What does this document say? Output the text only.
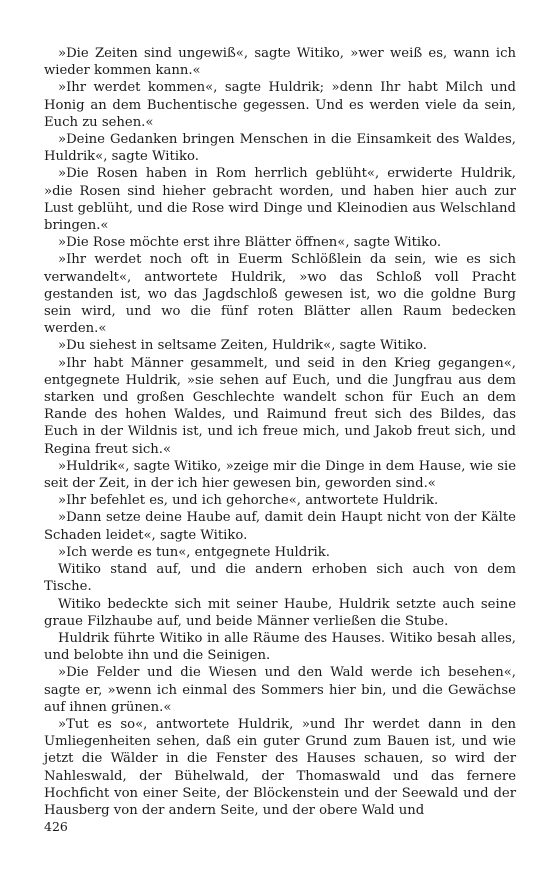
»Die Zeiten sind ungewiß«, sagte Witiko, »wer weiß es, wann ich wieder kommen kann.«

»Ihr werdet kommen«, sagte Huldrik; »denn Ihr habt Milch und Honig an dem Buchentische gegessen. Und es werden viele da sein, Euch zu sehen.«

»Deine Gedanken bringen Menschen in die Einsamkeit des Waldes, Huldrik«, sagte Witiko.

»Die Rosen haben in Rom herrlich geblüht«, erwiderte Huldrik, »die Rosen sind hieher gebracht worden, und haben hier auch zur Lust geblüht, und die Rose wird Dinge und Kleinodien aus Welschland bringen.«

»Die Rose möchte erst ihre Blätter öffnen«, sagte Witiko.

»Ihr werdet noch oft in Euerm Schlößlein da sein, wie es sich verwandelt«, antwortete Huldrik, »wo das Schloß voll Pracht gestanden ist, wo das Jagdschloß gewesen ist, wo die goldne Burg sein wird, und wo die fünf roten Blätter allen Raum bedecken werden.«

»Du siehest in seltsame Zeiten, Huldrik«, sagte Witiko.

»Ihr habt Männer gesammelt, und seid in den Krieg gegangen«, entgegnete Huldrik, »sie sehen auf Euch, und die Jungfrau aus dem starken und großen Geschlechte wandelt schon für Euch an dem Rande des hohen Waldes, und Raimund freut sich des Bildes, das Euch in der Wildnis ist, und ich freue mich, und Jakob freut sich, und Regina freut sich.«

»Huldrik«, sagte Witiko, »zeige mir die Dinge in dem Hause, wie sie seit der Zeit, in der ich hier gewesen bin, geworden sind.«

»Ihr befehlet es, und ich gehorche«, antwortete Huldrik.

»Dann setze deine Haube auf, damit dein Haupt nicht von der Kälte Schaden leidet«, sagte Witiko.

»Ich werde es tun«, entgegnete Huldrik.

Witiko stand auf, und die andern erhoben sich auch von dem Tische.

Witiko bedeckte sich mit seiner Haube, Huldrik setzte auch seine graue Filzhaube auf, und beide Männer verließen die Stube.

Huldrik führte Witiko in alle Räume des Hauses. Witiko besah alles, und belobte ihn und die Seinigen.

»Die Felder und die Wiesen und den Wald werde ich besehen«, sagte er, »wenn ich einmal des Sommers hier bin, und die Gewächse auf ihnen grünen.«

»Tut es so«, antwortete Huldrik, »und Ihr werdet dann in den Umliegenheiten sehen, daß ein guter Grund zum Bauen ist, und wie jetzt die Wälder in die Fenster des Hauses schauen, so wird der Nahleswald, der Bühelwald, der Thomaswald und das fernere Hochficht von einer Seite, der Blöckenstein und der Seewald und der Hausberg von der andern Seite, und der obere Wald und

426
